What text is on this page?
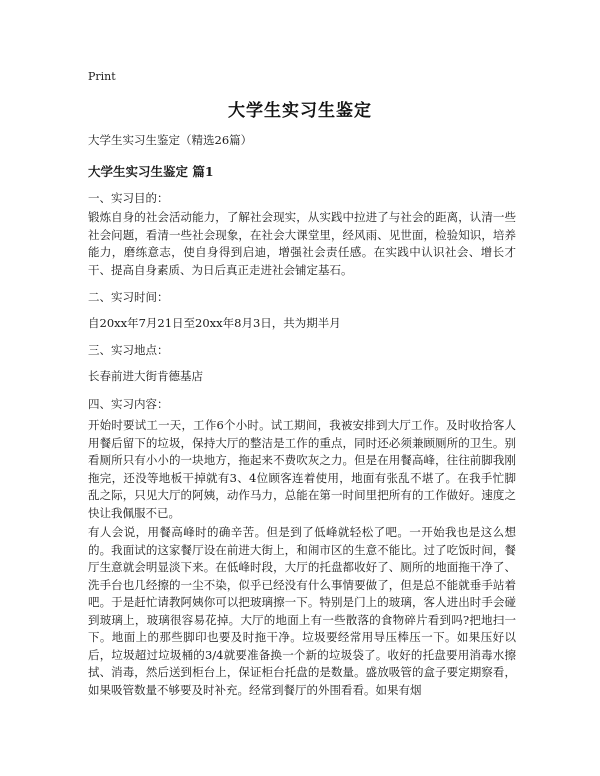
Print
大学生实习生鉴定
大学生实习生鉴定（精选26篇）
大学生实习生鉴定 篇1
一、实习目的：

锻炼自身的社会活动能力，了解社会现实，从实践中拉进了与社会的距离，认清一些社会问题，看清一些社会现象，在社会大课堂里，经风雨、见世面，检验知识，培养能力，磨练意志，使自身得到启迪，增强社会责任感。在实践中认识社会、增长才干、提高自身素质、为日后真正走进社会铺定基石。

二、实习时间：

自20xx年7月21日至20xx年8月3日，共为期半月

三、实习地点：

长春前进大街肯德基店

四、实习内容：

开始时要试工一天，工作6个小时。试工期间，我被安排到大厅工作。及时收拾客人用餐后留下的垃圾，保持大厅的整洁是工作的重点，同时还必须兼顾厕所的卫生。别看厕所只有小小的一块地方，拖起来不费吹灰之力。但是在用餐高峰，往往前脚我刚拖完，还没等地板干掉就有3、4位顾客连着使用，地面有张乱不堪了。在我手忙脚乱之际，只见大厅的阿姨，动作马力，总能在第一时间里把所有的工作做好。速度之快让我佩服不已。

有人会说，用餐高峰时的确辛苦。但是到了低峰就轻松了吧。一开始我也是这么想的。我面试的这家餐厅设在前进大街上，和闹市区的生意不能比。过了吃饭时间，餐厅生意就会明显淡下来。在低峰时段，大厅的托盘都收好了、厕所的地面拖干净了、洗手台也几经擦的一尘不染，似乎已经没有什么事情要做了，但是总不能就垂手站着吧。于是赶忙请教阿姨你可以把玻璃擦一下。特别是门上的玻璃，客人进出时手会碰到玻璃上，玻璃很容易花掉。大厅的地面上有一些散落的食物碎片看到吗?把地扫一下。地面上的那些脚印也要及时拖干净。垃圾要经常用导压棒压一下。如果压好以后，垃圾超过垃圾桶的3/4就要准备换一个新的垃圾袋了。收好的托盘要用消毒水擦拭、消毒，然后送到柜台上，保证柜台托盘的是数量。盛放吸管的盒子要定期察看，如果吸管数量不够要及时补充。经常到餐厅的外围看看。如果有烟
